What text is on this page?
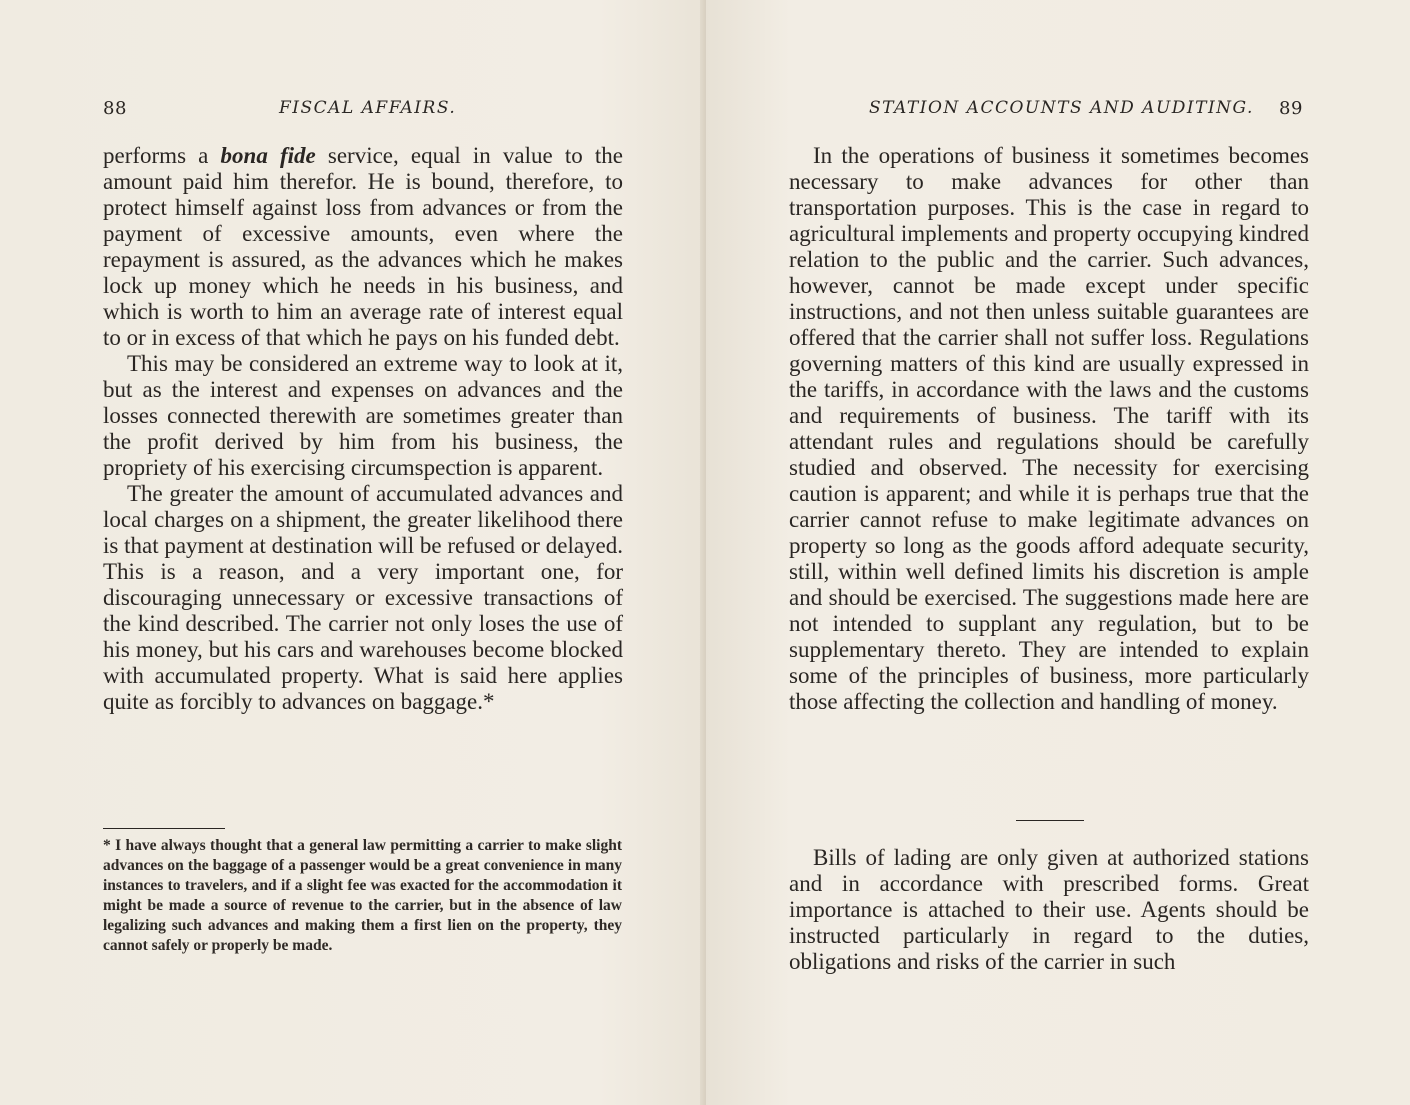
88	FISCAL AFFAIRS.

performs a bona fide service, equal in value to the amount paid him therefor. He is bound, therefore, to protect himself against loss from advances or from the payment of excessive amounts, even where the repayment is assured, as the advances which he makes lock up money which he needs in his business, and which is worth to him an average rate of interest equal to or in excess of that which he pays on his funded debt.

This may be considered an extreme way to look at it, but as the interest and expenses on advances and the losses connected therewith are sometimes greater than the profit derived by him from his business, the propriety of his exercising circumspection is apparent.

The greater the amount of accumulated advances and local charges on a shipment, the greater likelihood there is that payment at destination will be refused or delayed. This is a reason, and a very important one, for discouraging unnecessary or excessive transactions of the kind described. The carrier not only loses the use of his money, but his cars and warehouses become blocked with accumulated property. What is said here applies quite as forcibly to advances on baggage.*

* I have always thought that a general law permitting a carrier to make slight advances on the baggage of a passenger would be a great convenience in many instances to travelers, and if a slight fee was exacted for the accommodation it might be made a source of revenue to the carrier, but in the absence of law legalizing such advances and making them a first lien on the property, they cannot safely or properly be made.
STATION ACCOUNTS AND AUDITING. 89

In the operations of business it sometimes becomes necessary to make advances for other than transportation purposes. This is the case in regard to agricultural implements and property occupying kindred relation to the public and the carrier. Such advances, however, cannot be made except under specific instructions, and not then unless suitable guarantees are offered that the carrier shall not suffer loss. Regulations governing matters of this kind are usually expressed in the tariffs, in accordance with the laws and the customs and requirements of business. The tariff with its attendant rules and regulations should be carefully studied and observed. The necessity for exercising caution is apparent; and while it is perhaps true that the carrier cannot refuse to make legitimate advances on property so long as the goods afford adequate security, still, within well defined limits his discretion is ample and should be exercised. The suggestions made here are not intended to supplant any regulation, but to be supplementary thereto. They are intended to explain some of the principles of business, more particularly those affecting the collection and handling of money.

Bills of lading are only given at authorized stations and in accordance with prescribed forms. Great importance is attached to their use. Agents should be instructed particularly in regard to the duties, obligations and risks of the carrier in such
